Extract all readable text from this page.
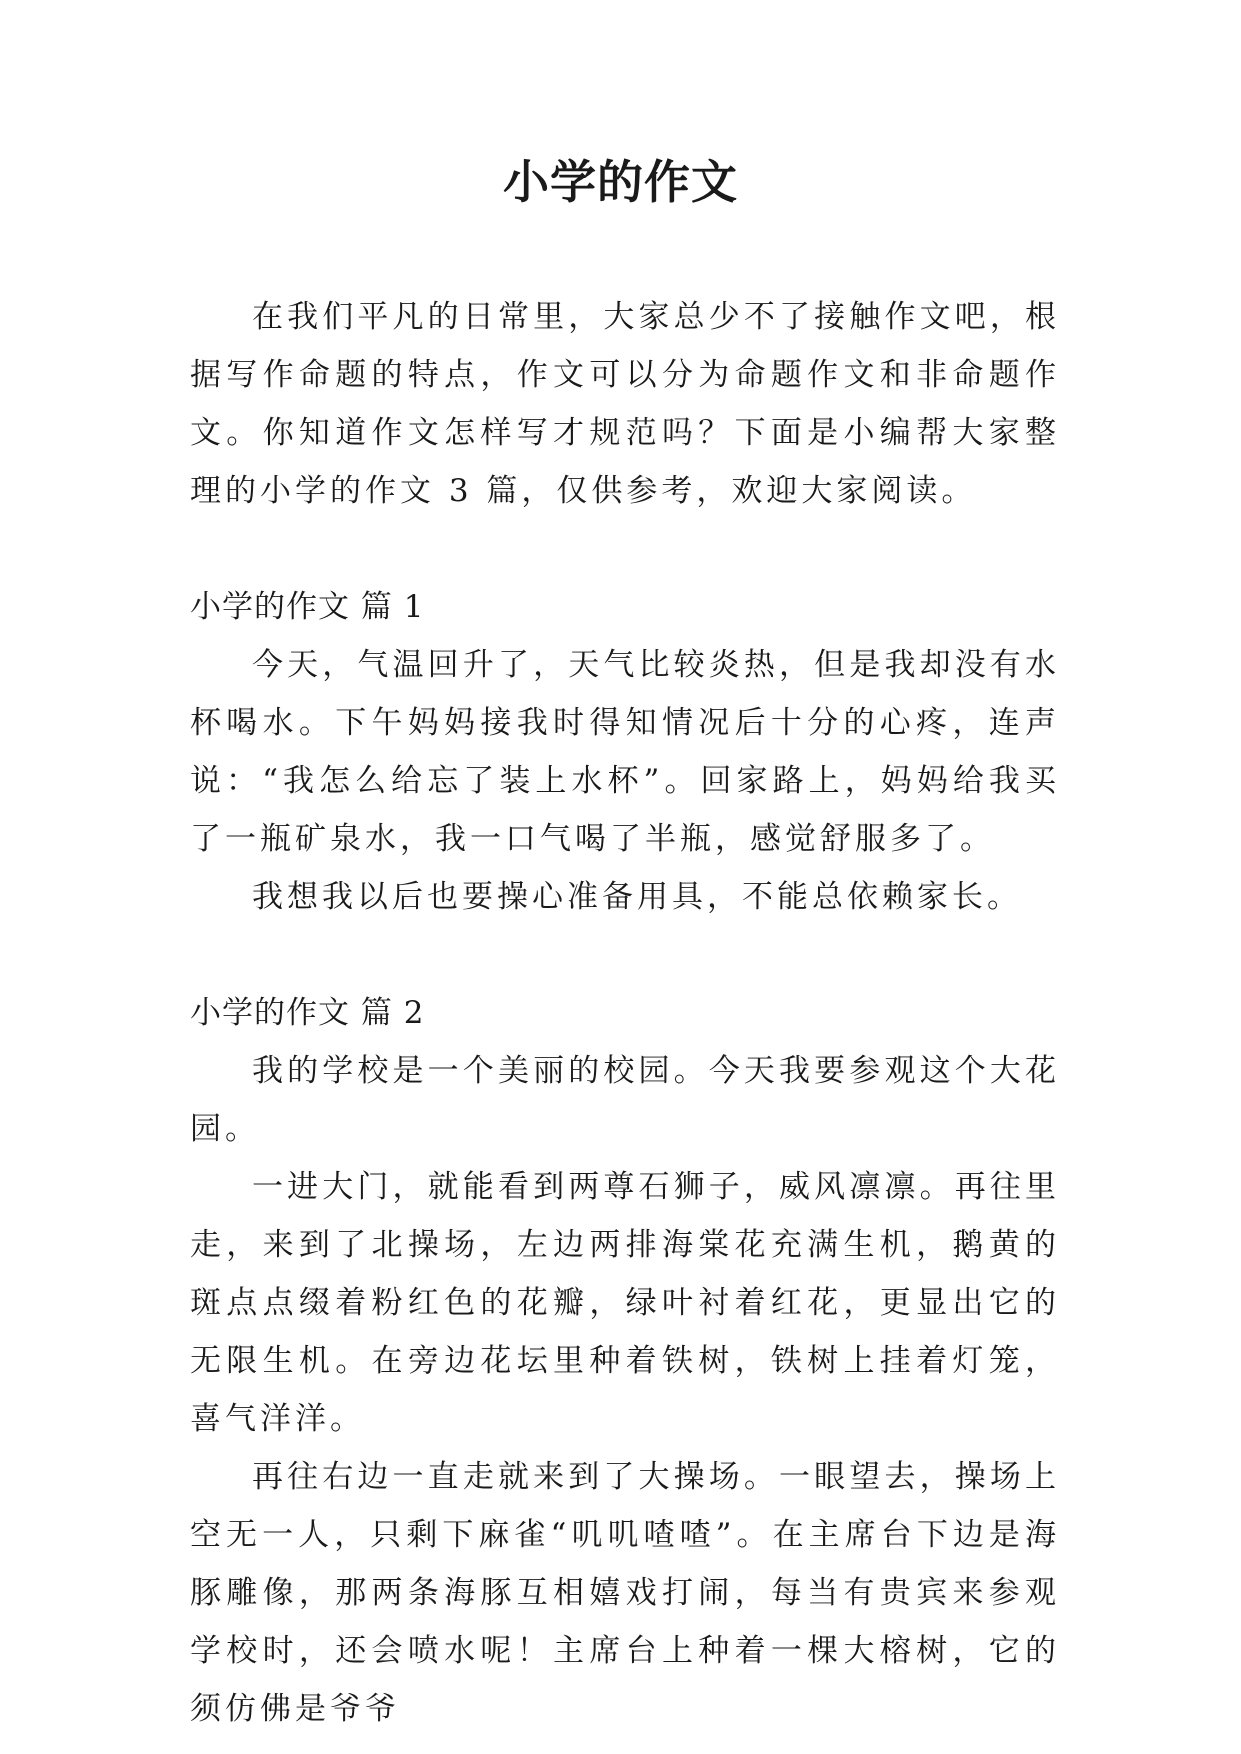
小学的作文

在我们平凡的日常里，大家总少不了接触作文吧，根据写作命题的特点，作文可以分为命题作文和非命题作文。你知道作文怎样写才规范吗？下面是小编帮大家整理的小学的作文 3 篇，仅供参考，欢迎大家阅读。

小学的作文 篇 1

今天，气温回升了，天气比较炎热，但是我却没有水杯喝水。下午妈妈接我时得知情况后十分的心疼，连声说：“我怎么给忘了装上水杯”。回家路上，妈妈给我买了一瓶矿泉水，我一口气喝了半瓶，感觉舒服多了。

我想我以后也要操心准备用具，不能总依赖家长。

小学的作文 篇 2

我的学校是一个美丽的校园。今天我要参观这个大花园。

一进大门，就能看到两尊石狮子，威风凛凛。再往里走，来到了北操场，左边两排海棠花充满生机，鹅黄的斑点点缀着粉红色的花瓣，绿叶衬着红花，更显出它的无限生机。在旁边花坛里种着铁树，铁树上挂着灯笼，喜气洋洋。

再往右边一直走就来到了大操场。一眼望去，操场上空无一人，只剩下麻雀“叽叽喳喳”。在主席台下边是海豚雕像，那两条海豚互相嬉戏打闹，每当有贵宾来参观学校时，还会喷水呢！主席台上种着一棵大榕树，它的须仿佛是爷爷
